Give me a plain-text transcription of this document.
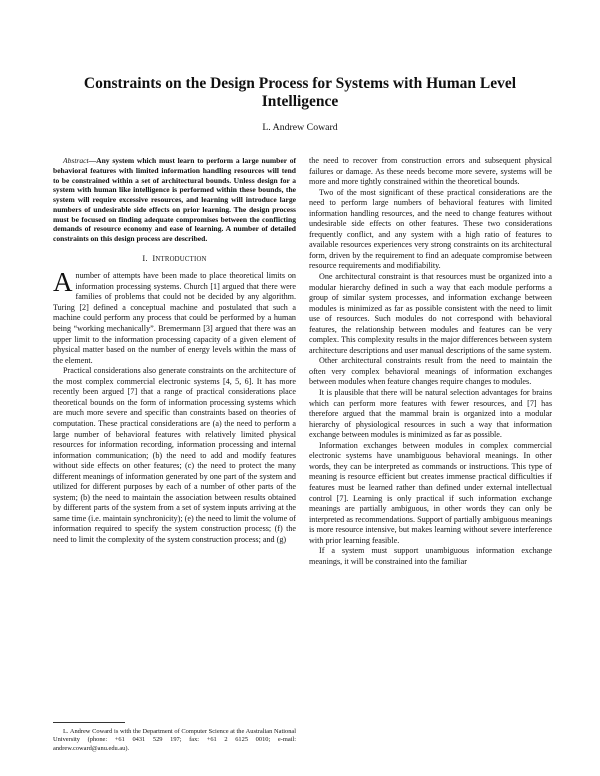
Constraints on the Design Process for Systems with Human Level Intelligence
L. Andrew Coward

Abstract—Any system which must learn to perform a large number of behavioral features with limited information handling resources will tend to be constrained within a set of architectural bounds. Unless design for a system with human like intelligence is performed within these bounds, the system will require excessive resources, and learning will introduce large numbers of undesirable side effects on prior learning. The design process must be focused on finding adequate compromises between the conflicting demands of resource economy and ease of learning. A number of detailed constraints on this design process are described.

I. INTRODUCTION

Anumber of attempts have been made to place theoretical limits on information processing systems. Church [1] argued that there were families of problems that could not be decided by any algorithm. Turing [2] defined a conceptual machine and postulated that such a machine could perform any process that could be performed by a human being “working mechanically”. Bremermann [3] argued that there was an upper limit to the information processing capacity of a given element of physical matter based on the number of energy levels within the mass of the element.

Practical considerations also generate constraints on the architecture of the most complex commercial electronic systems [4, 5, 6]. It has more recently been argued [7] that a range of practical considerations place theoretical bounds on the form of information processing systems which are much more severe and specific than constraints based on theories of computation. These practical considerations are (a) the need to perform a large number of behavioral features with relatively limited physical resources for information recording, information processing and internal information communication; (b) the need to add and modify features without side effects on other features; (c) the need to protect the many different meanings of information generated by one part of the system and utilized for different purposes by each of a number of other parts of the system; (b) the need to maintain the association between results obtained by different parts of the system from a set of system inputs arriving at the same time (i.e. maintain synchronicity); (e) the need to limit the volume of information required to specify the system construction process; (f) the need to limit the complexity of the system construction process; and (g)

the need to recover from construction errors and subsequent physical failures or damage. As these needs become more severe, systems will be more and more tightly constrained within the theoretical bounds.

Two of the most significant of these practical considerations are the need to perform large numbers of behavioral features with limited information handling resources, and the need to change features without undesirable side effects on other features. These two considerations frequently conflict, and any system with a high ratio of features to available resources experiences very strong constraints on its architectural form, driven by the requirement to find an adequate compromise between resource requirements and modifiability.

One architectural constraint is that resources must be organized into a modular hierarchy defined in such a way that each module performs a group of similar system processes, and information exchange between modules is minimized as far as possible consistent with the need to limit use of resources. Such modules do not correspond with behavioral features, the relationship between modules and features can be very complex. This complexity results in the major differences between system architecture descriptions and user manual descriptions of the same system.

Other architectural constraints result from the need to maintain the often very complex behavioral meanings of information exchanges between modules when feature changes require changes to modules.

It is plausible that there will be natural selection advantages for brains which can perform more features with fewer resources, and [7] has therefore argued that the mammal brain is organized into a modular hierarchy of physiological resources in such a way that information exchange between modules is minimized as far as possible.

Information exchanges between modules in complex commercial electronic systems have unambiguous behavioral meanings. In other words, they can be interpreted as commands or instructions. This type of meaning is resource efficient but creates immense practical difficulties if features must be learned rather than defined under external intellectual control [7]. Learning is only practical if such information exchange meanings are partially ambiguous, in other words they can only be interpreted as recommendations. Support of partially ambiguous meanings is more resource intensive, but makes learning without severe interference with prior learning feasible.

If a system must support unambiguous information exchange meanings, it will be constrained into the familiar

L. Andrew Coward is with the Department of Computer Science at the Australian National University (phone: +61 0431 529 197; fax: +61 2 6125 0010; e-mail: andrew.coward@anu.edu.au).
